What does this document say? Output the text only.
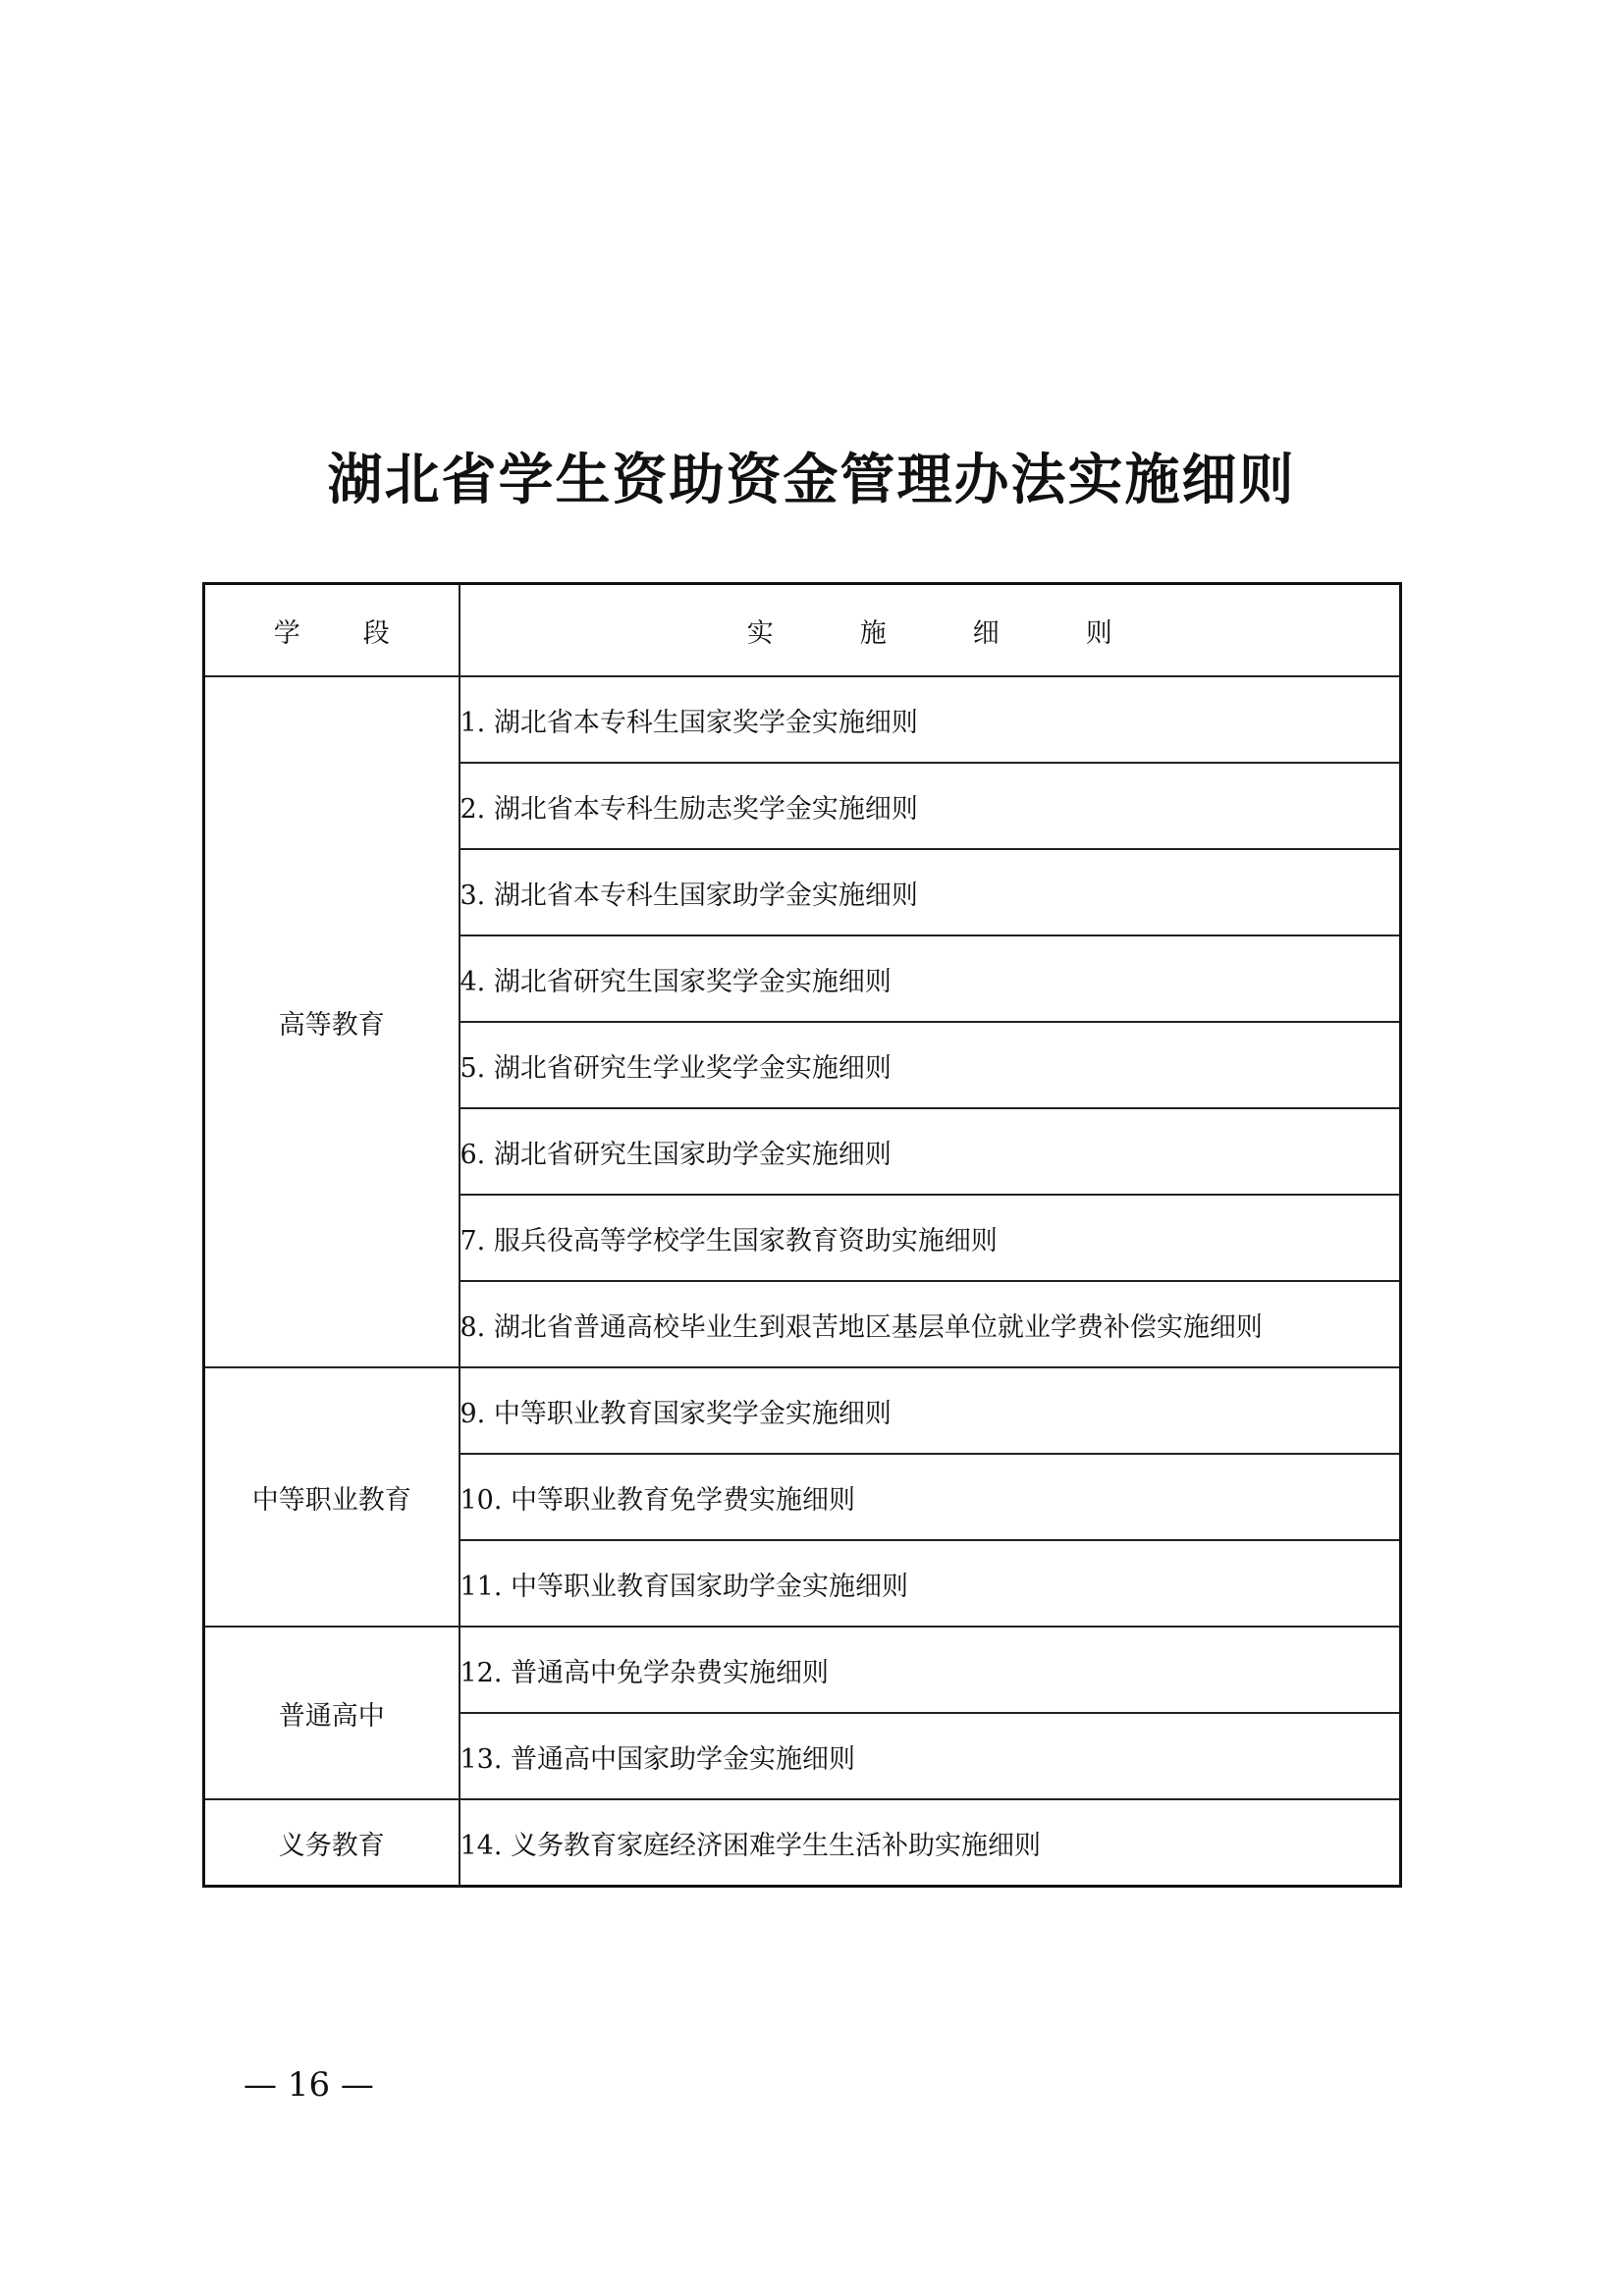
湖北省学生资助资金管理办法实施细则
学段	实施细则
高等教育	1. 湖北省本专科生国家奖学金实施细则
	2. 湖北省本专科生励志奖学金实施细则
	3. 湖北省本专科生国家助学金实施细则
	4. 湖北省研究生国家奖学金实施细则
	5. 湖北省研究生学业奖学金实施细则
	6. 湖北省研究生国家助学金实施细则
	7. 服兵役高等学校学生国家教育资助实施细则
	8. 湖北省普通高校毕业生到艰苦地区基层单位就业学费补偿实施细则
中等职业教育	9. 中等职业教育国家奖学金实施细则
	10. 中等职业教育免学费实施细则
	11. 中等职业教育国家助学金实施细则
普通高中	12. 普通高中免学杂费实施细则
	13. 普通高中国家助学金实施细则
义务教育	14. 义务教育家庭经济困难学生生活补助实施细则
— 16 —
